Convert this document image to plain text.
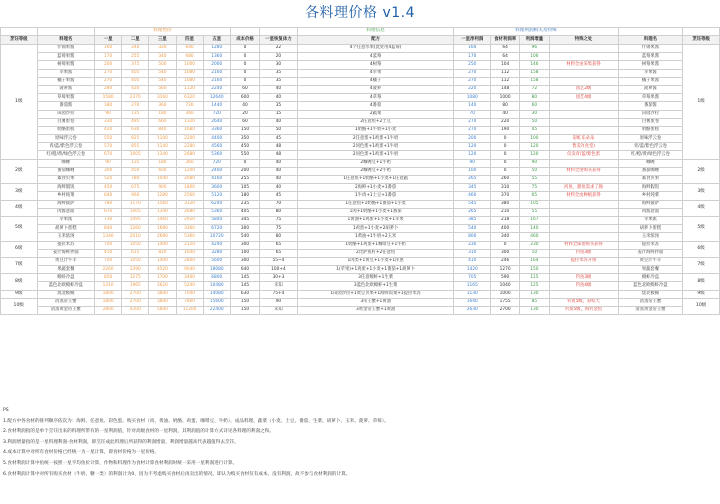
各料理价格 v1.4
		料理售价							料理信息	料理利润相关及特殊					
烹饪等级	料理名	一星	二星	三星	四星	五星	成本价格	一星恢复体力	配方	一星净利润	食材利润率	利润增量	特殊之处	料理名	烹饪等级
1级	什锦果酱	160	240	320	640	1280	0	22	4个任意水果(此处用4蓝莓)	160	64	96		什锦果酱	1级
	蓝莓果酱	170	255	340	680	1360	0	20	4蓝莓	170	64	106		蓝莓果酱	
	树莓果酱	200	375	500	1000	2000	0	30	4树莓	250	104	146	材料全由采集获得	树莓果酱	
	苹果酱	270	405	540	1080	2160	0	35	4苹果	270	112	158		苹果酱	
	橘子果酱	270	405	540	1080	2160	0	35	4橘子	270	112	158		橘子果酱	
	菠萝酱	280	420	560	1120	2240	60	40	4菠萝	220	148	72	园艺2级	菠萝酱	
	草莓果酱	1580	2370	3160	6320	12640	600	40	4草莓	1080	1000	80	园艺4级	草莓果酱	
	番茄酱	180	270	360	720	1440	40	35	4番茄	140	80	60		番茄酱	
	田园沙拉	90	135	180	360	720	20	15	2蔬菜	70	40	30		田园沙拉	
	白薯蛋卷	330	495	660	1320	2640	60	40	2任意鱼+2土豆	270	220	50		白薯蛋卷	
	奶酪蛋糕	420	630	840	1680	3360	150	50	1奶酪+1牛奶+1小麦	270	190	45		奶酪蛋糕	
	原味浮云卷	550	825	1100	2200	4400	350	45	2任意蛋+1鸡蛋+1牛奶	200	0	100	彩虹乐朵朵	原味浮云卷	
	青/蓝/紫色浮云卷	570	855	1140	2280	4560	450	48	2同色蛋+1鸡蛋+1牛奶	120	0	120	售卖?(食堂)	青/蓝/紫色浮云卷	
	红/橙/黄/绿色浮云卷	670	1005	1340	2680	5360	550	48	2同色蛋+1鸡蛋+1牛奶	120	0	120	仅卖青/蓝/紫色蛋	红/橙/黄/绿色浮云卷	
2级	咖喱	90	135	180	360	720	0	40	2咖喱豆+1牛奶	90	0	90		咖喱	2级
	番茄咖喱	300	450	600	1200	2400	200	40	2咖喱豆+2牛奶	100	0	50	材料全由购买获得	番茄咖喱	
	素食贝果	520	780	1040	2080	4160	255	40	1任意鱼+1奶酪+1小麦+1任意蔬	265	260	55		素食贝果	
3级	海鲜假饭	450	675	900	1800	3600	105	40	2海鲜+1小麦+1番茄	345	310	75	河鱼、甜鱼需求了阁	海鲜假饭	3级
	乡村炖菜	640	960	1280	2560	5120	180	45	1牛肉+1土豆+1番茄	460	370	65	材料全由种植获得	乡村炖菜	
4级	海鲜披萨	780	1170	1560	3120	6240	235	70	1任意鱼+1奶酪+1番茄+1小麦	545	380	105		海鲜披萨	4级
	肉酱意面	670	1005	1340	2680	5360	405	80	1肉+1奶酪+1小麦+1番茄	265	210	55		肉酱意面	
5级	苹果派	730	1095	1460	2920	5840	345	75	1黄油+1鸡蛋+1小麦+1苹果	385	218	167		苹果派	5级
	胡萝卜蛋糕	840	1260	1680	3360	6720	300	75	1鸡蛋+1小麦+2胡萝卜	540	400	140		胡萝卜蛋糕	
	玉米浓汤	1340	2010	2680	5360	10720	540	80	1黄油+1牛奶+2玉米	800	340	460		玉米浓汤	
6级	提拉米苏	700	1050	1400	2120	4240	300	65	1奶酪+1鸡蛋+1咖啡豆+1牛奶	230	0	230	材料全部由购买获得	提拉米苏	6级
	姜汁海鲜拌面	410	615	820	1640	3280	100	65	2比萨鱼籽+2任意鱼	310	300	10	钓鱼3级	姜汁海鲜拌面	
7级	黄豆汁牛羊	700	1050	1400	2800	5600	300	55~4	1肉类+1黄豆+1小麦+1洋葱	410	246	164	提拉米苏升组	黄豆汁牛羊	7级
	果蔬套餐	2260	3390	4520	9040	18080	640	100+4	1(苹果)+1鸡蛋+1小麦+1番茄+1胡萝卜	1420	1270	150		果蔬套餐	
8级	鳗虾冷盘	850	1275	1700	3400	6800	145	30+3	3任意鳗虾+1生菜	705	590	115	钓鱼3级	鳗虾冷盘	8级
	蓝色北欧鳗虾冷盘	1310	1965	2620	5240	10480	145	未知	3蓝色北欧鳗虾+1生菜	1165	1040	125	钓鱼4级	蓝色北欧鳗虾冷盘	
9级	烧北极鳗	1800	2700	3600	7040	14080	630	75+4	1田园沙拉+1黄豆贝果+1海鲜饭菜+1提拉米苏	1130	1000	130		烧北极鳗	9级
10级	清蒸帝王蟹	1800	2700	3600	7800	15600	150	90	3帝王蟹+1黄油	1640	1755	85	钓鱼5级，彩虹天	清蒸帝王蟹	10级
	清蒸黄金帝王蟹	2800	4200	5600	11200	22400	150	未知	3黄金帝王蟹+1黄油	2630	2700	130	钓鱼5级，海钓金鱼	清蒸黄金帝王蟹	
PS
1.配方中各食材的排列顺序依次为：海鲜、任意鱼、彩色蛋、购买食材（肉、黄油、奶酪、鸡蛋、咖啡豆、牛奶）、成品料理、蔬菜（小麦、土豆、番茄、生菜、胡萝卜、玉米、菠萝、草莓）。
2.食材利润指的是单个烹饪出来的料理所带有的一星利润值，针对高级食材的一星利润，其利润值的计算方式详见各料理的利润之和。
3.利润增量指的是一星料理利润-食材利润，即烹饪成此料理后所获得的利润增量，利润增量越高代表越值得去烹饪。
4.成本计算中对所有食材价格已经统一为一星计算，即食材价格为一星价格。
5.食材利润计算中鱼统一按照一星平均鱼价计算，作物和料理作为食材计算食材利润时统一采用一星利润进行计算。
6.食材利润计算中对所有购买食材（牛奶、糖一类）的利润计为0，因为不考虑购买食材后再卖出的情况，即认为购买食材仅有成本，没有利润，故不参与食材利润的计算。
